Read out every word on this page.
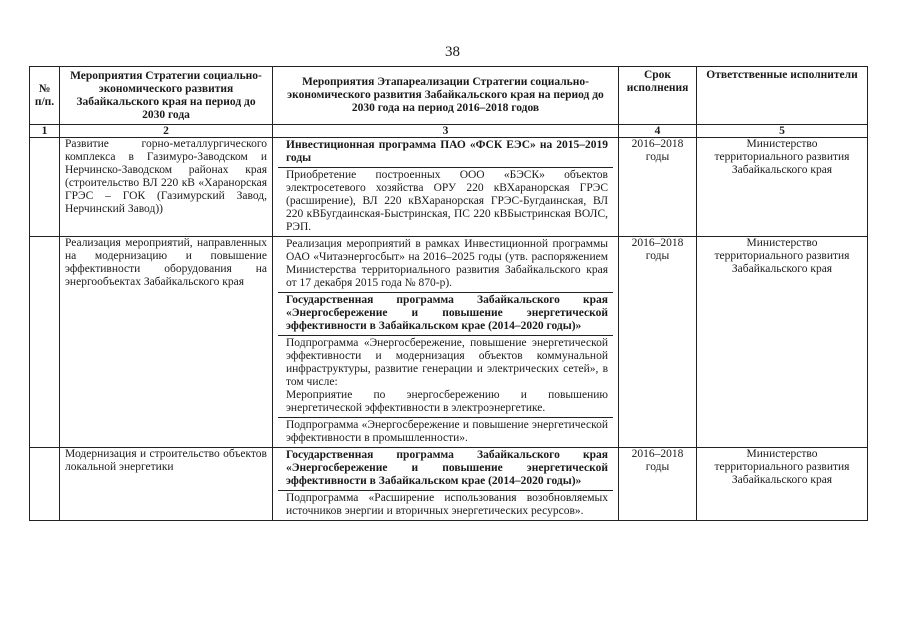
38
№ п/п.	Мероприятия Стратегии социально-экономического развития Забайкальского края на период до 2030 года	Мероприятия Этапареализации Стратегии социально-экономического развития Забайкальского края на период до 2030 года на период 2016–2018 годов	Срок исполнения	Ответственные исполнители
1	2	3	4	5
	Развитие горно-металлургического комплекса в Газимуро-Заводском и Нерчинско-Заводском районах края (строительство ВЛ 220 кВ «Харанорская ГРЭС – ГОК (Газимурский Завод, Нерчинский Завод))	Инвестиционная программа ПАО «ФСК ЕЭС» на 2015–2019 годы
Приобретение построенных ООО «БЭСК» объектов электросетевого хозяйства ОРУ 220 кВХаранорская ГРЭС (расширение), ВЛ 220 кВХаранорская ГРЭС-Бугдаинская, ВЛ 220 кВБугдаинская-Быстринская, ПС 220 кВБыстринская ВОЛС, РЭП.	2016–2018 годы	Министерство территориального развития Забайкальского края
	Реализация мероприятий, направленных на модернизацию и повышение эффективности оборудования на энергообъектах Забайкальского края	Реализация мероприятий в рамках Инвестиционной программы ОАО «Читаэнергосбыт» на 2016–2025 годы (утв. распоряжением Министерства территориального развития Забайкальского края от 17 декабря 2015 года № 870-р).
Государственная программа Забайкальского края «Энергосбережение и повышение энергетической эффективности в Забайкальском крае (2014–2020 годы)»

Подпрограмма «Энергосбережение, повышение энергетической эффективности и модернизация объектов коммунальной инфраструктуры, развитие генерации и электрических сетей», в том числе:

Мероприятие по энергосбережению и повышению энергетической эффективности в электроэнергетике.

Подпрограмма «Энергосбережение и повышение энергетической эффективности в промышленности».	2016–2018 годы	Министерство территориального развития Забайкальского края
	Модернизация и строительство объектов локальной энергетики	Государственная программа Забайкальского края «Энергосбережение и повышение энергетической эффективности в Забайкальском крае (2014–2020 годы)»
Подпрограмма «Расширение использования возобновляемых источников энергии и вторичных энергетических ресурсов».	2016–2018 годы	Министерство территориального развития Забайкальского края
